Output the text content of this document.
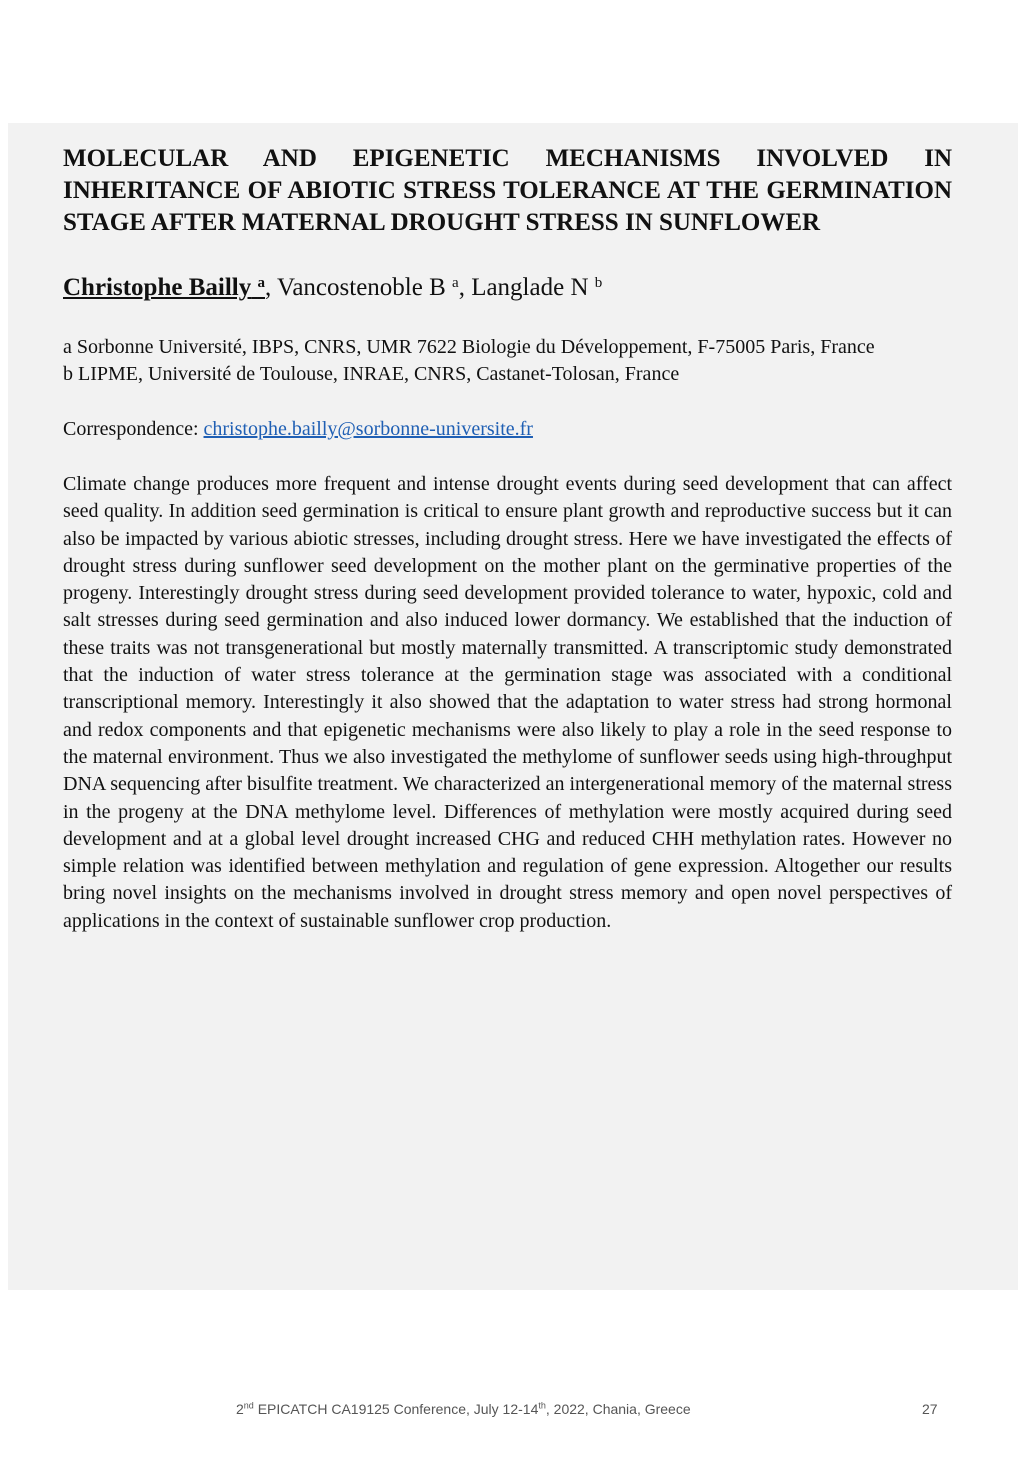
MOLECULAR AND EPIGENETIC MECHANISMS INVOLVED IN INHERITANCE OF ABIOTIC STRESS TOLERANCE AT THE GERMINATION STAGE AFTER MATERNAL DROUGHT STRESS IN SUNFLOWER

Christophe Bailly $^a$, Vancostenoble B $^a$, Langlade N $^b$

a Sorbonne Université, IBPS, CNRS, UMR 7622 Biologie du Développement, F-75005 Paris, France

b LIPME, Université de Toulouse, INRAE, CNRS, Castanet-Tolosan, France

Correspondence: christophe.bailly@sorbonne-universite.fr

Climate change produces more frequent and intense drought events during seed development that can affect seed quality. In addition seed germination is critical to ensure plant growth and reproductive success but it can also be impacted by various abiotic stresses, including drought stress. Here we have investigated the effects of drought stress during sunflower seed development on the mother plant on the germinative properties of the progeny. Interestingly drought stress during seed development provided tolerance to water, hypoxic, cold and salt stresses during seed germination and also induced lower dormancy. We established that the induction of these traits was not transgenerational but mostly maternally transmitted. A transcriptomic study demonstrated that the induction of water stress tolerance at the germination stage was associated with a conditional transcriptional memory. Interestingly it also showed that the adaptation to water stress had strong hormonal and redox components and that epigenetic mechanisms were also likely to play a role in the seed response to the maternal environment. Thus we also investigated the methylome of sunflower seeds using high-throughput DNA sequencing after bisulfite treatment. We characterized an intergenerational memory of the maternal stress in the progeny at the DNA methylome level. Differences of methylation were mostly acquired during seed development and at a global level drought increased CHG and reduced CHH methylation rates. However no simple relation was identified between methylation and regulation of gene expression. Altogether our results bring novel insights on the mechanisms involved in drought stress memory and open novel perspectives of applications in the context of sustainable sunflower crop production.

2nd EPICATCH CA19125 Conference, July 12-14th, 2022, Chania, Greece	27
